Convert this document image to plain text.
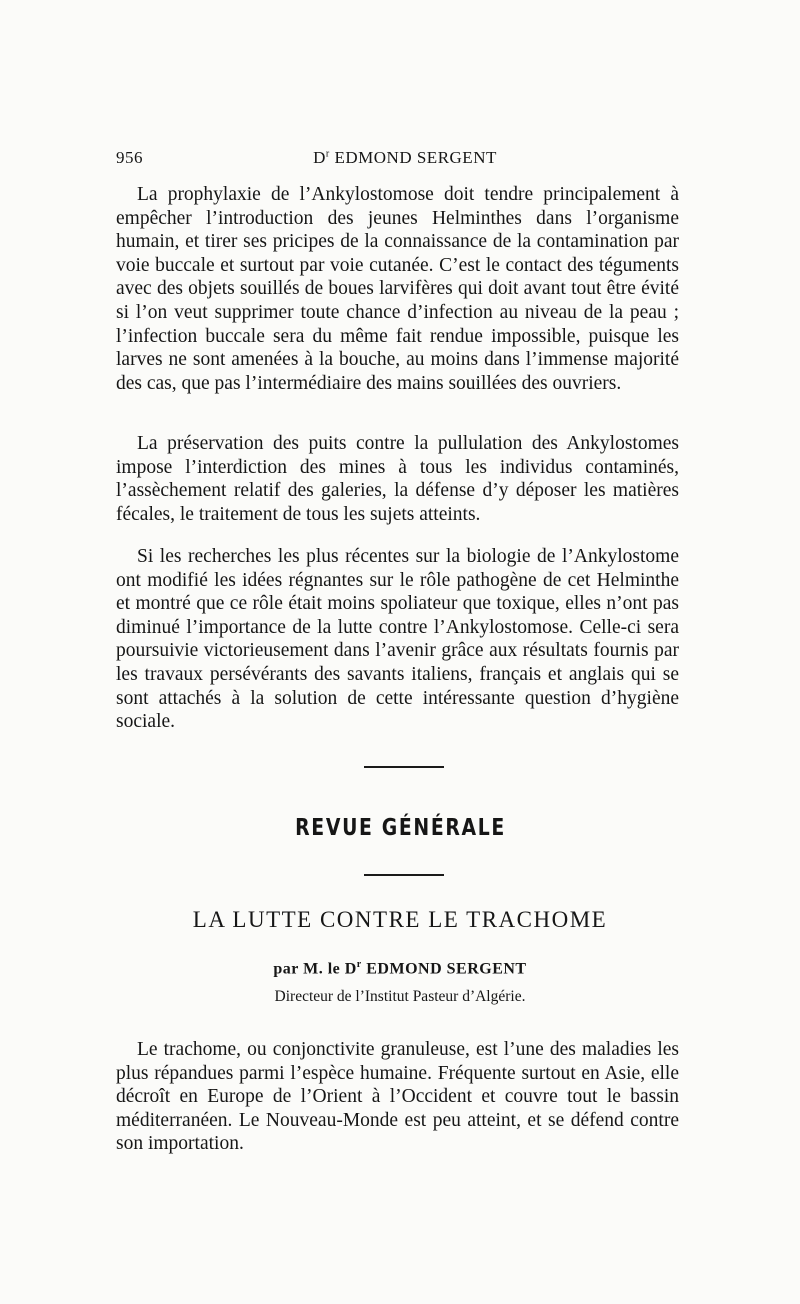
956	$D^r$ EDMOND SERGENT

La prophylaxie de l’Ankylostomose doit tendre principalement à empêcher l’introduction des jeunes Helminthes dans l’organisme humain, et tirer ses pricipes de la connaissance de la contamination par voie buccale et surtout par voie cutanée. C’est le contact des téguments avec des objets souillés de boues larvifères qui doit avant tout être évité si l’on veut supprimer toute chance d’infection au niveau de la peau ; l’infection buccale sera du même fait rendue impossible, puisque les larves ne sont amenées à la bouche, au moins dans l’immense majorité des cas, que pas l’intermédiaire des mains souillées des ouvriers.

La préservation des puits contre la pullulation des Ankylostomes impose l’interdiction des mines à tous les individus contaminés, l’assèchement relatif des galeries, la défense d’y déposer les matières fécales, le traitement de tous les sujets atteints.

Si les recherches les plus récentes sur la biologie de l’Ankylostome ont modifié les idées régnantes sur le rôle pathogène de cet Helminthe et montré que ce rôle était moins spoliateur que toxique, elles n’ont pas diminué l’importance de la lutte contre l’Ankylostomose. Celle-ci sera poursuivie victorieusement dans l’avenir grâce aux résultats fournis par les travaux persévérants des savants italiens, français et anglais qui se sont attachés à la solution de cette intéressante question d’hygiène sociale.

REVUE GÉNÉRALE
LA LUTTE CONTRE LE TRACHOME
par M. le $D^r$ EDMOND SERGENT
Directeur de l’Institut Pasteur d’Algérie.

Le trachome, ou conjonctivite granuleuse, est l’une des maladies les plus répandues parmi l’espèce humaine. Fréquente surtout en Asie, elle décroît en Europe de l’Orient à l’Occident et couvre tout le bassin méditerranéen. Le Nouveau-Monde est peu atteint, et se défend contre son importation.
